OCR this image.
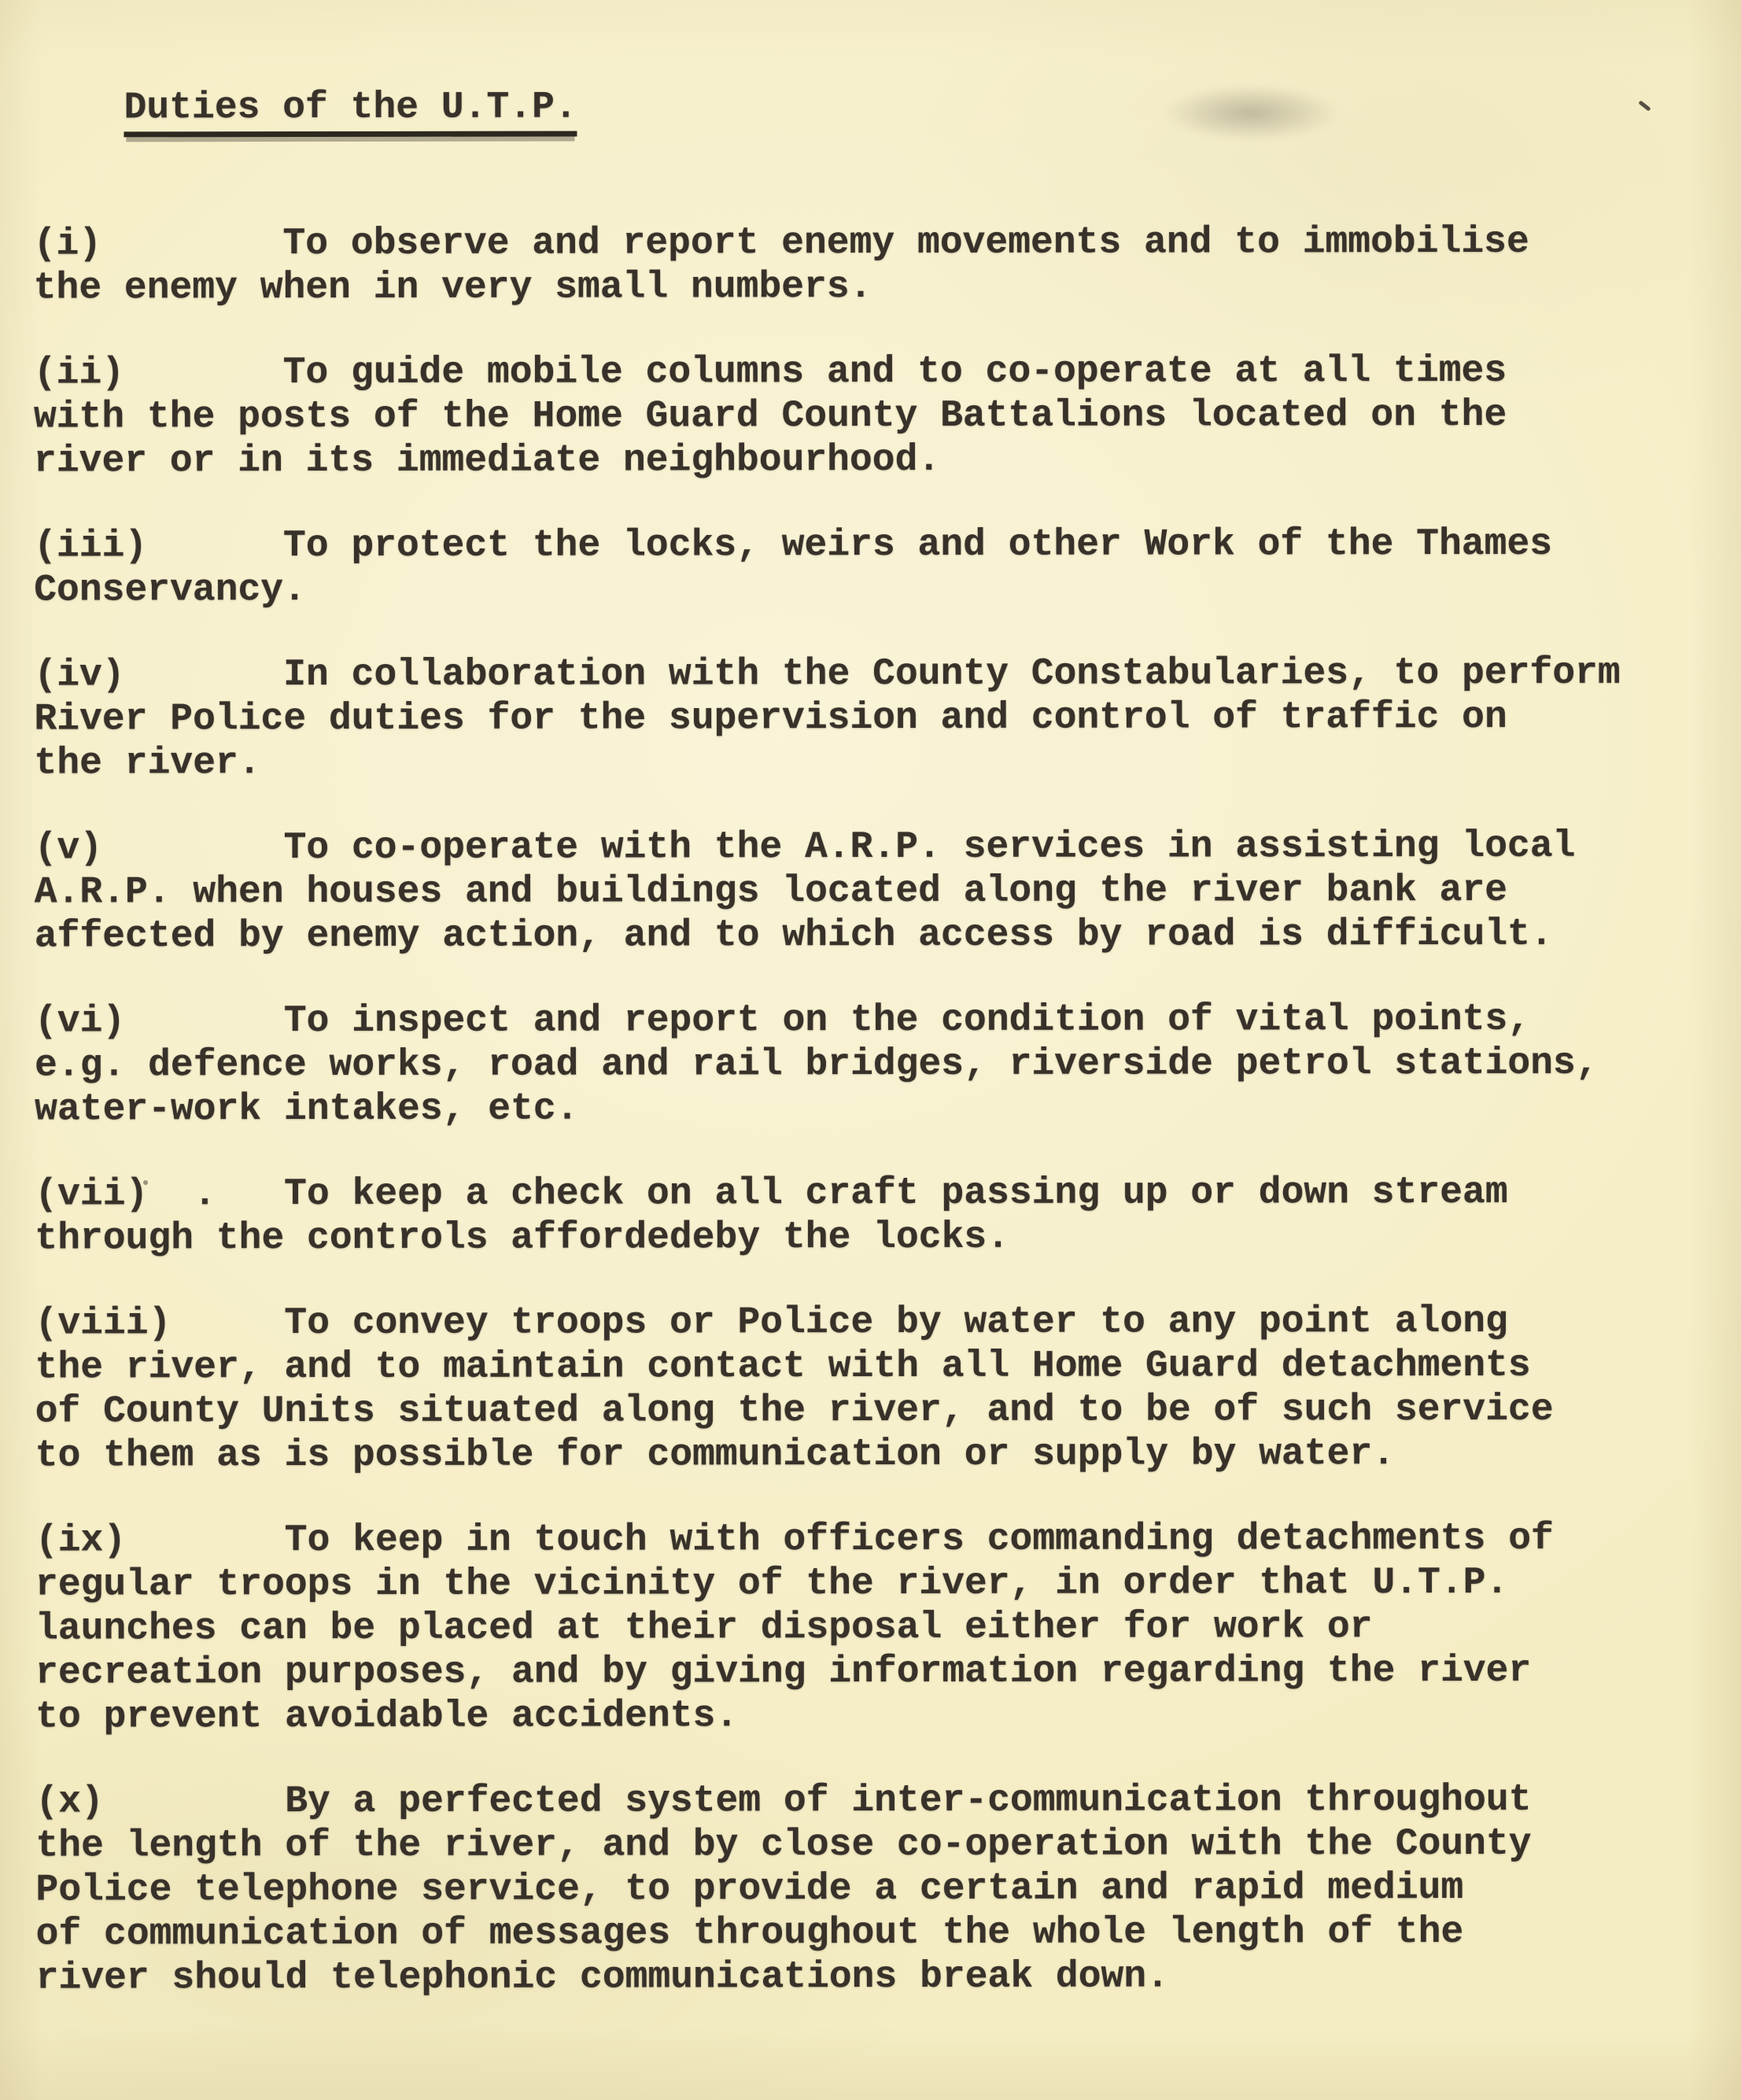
Duties of the U.T.P.

(i)        To observe and report enemy movements and to immobilise
the enemy when in very small numbers.
(ii)       To guide mobile columns and to co-operate at all times
with the posts of the Home Guard County Battalions located on the
river or in its immediate neighbourhood.
(iii)      To protect the locks, weirs and other Work of the Thames
Conservancy.
(iv)       In collaboration with the County Constabularies, to perform
River Police duties for the supervision and control of traffic on
the river.
(v)        To co-operate with the A.R.P. services in assisting local
A.R.P. when houses and buildings located along the river bank are
affected by enemy action, and to which access by road is difficult.
(vi)       To inspect and report on the condition of vital points,
e.g. defence works, road and rail bridges, riverside petrol stations,
water-work intakes, etc.
(vii)  .   To keep a check on all craft passing up or down stream
through the controls affordedeby the locks.
(viii)     To convey troops or Police by water to any point along
the river, and to maintain contact with all Home Guard detachments
of County Units situated along the river, and to be of such service
to them as is possible for communication or supply by water.
(ix)       To keep in touch with officers commanding detachments of
regular troops in the vicinity of the river, in order that U.T.P.
launches can be placed at their disposal either for work or
recreation purposes, and by giving information regarding the river
to prevent avoidable accidents.
(x)        By a perfected system of inter-communication throughout
the length of the river, and by close co-operation with the County
Police telephone service, to provide a certain and rapid medium
of communication of messages throughout the whole length of the
river should telephonic communications break down.
